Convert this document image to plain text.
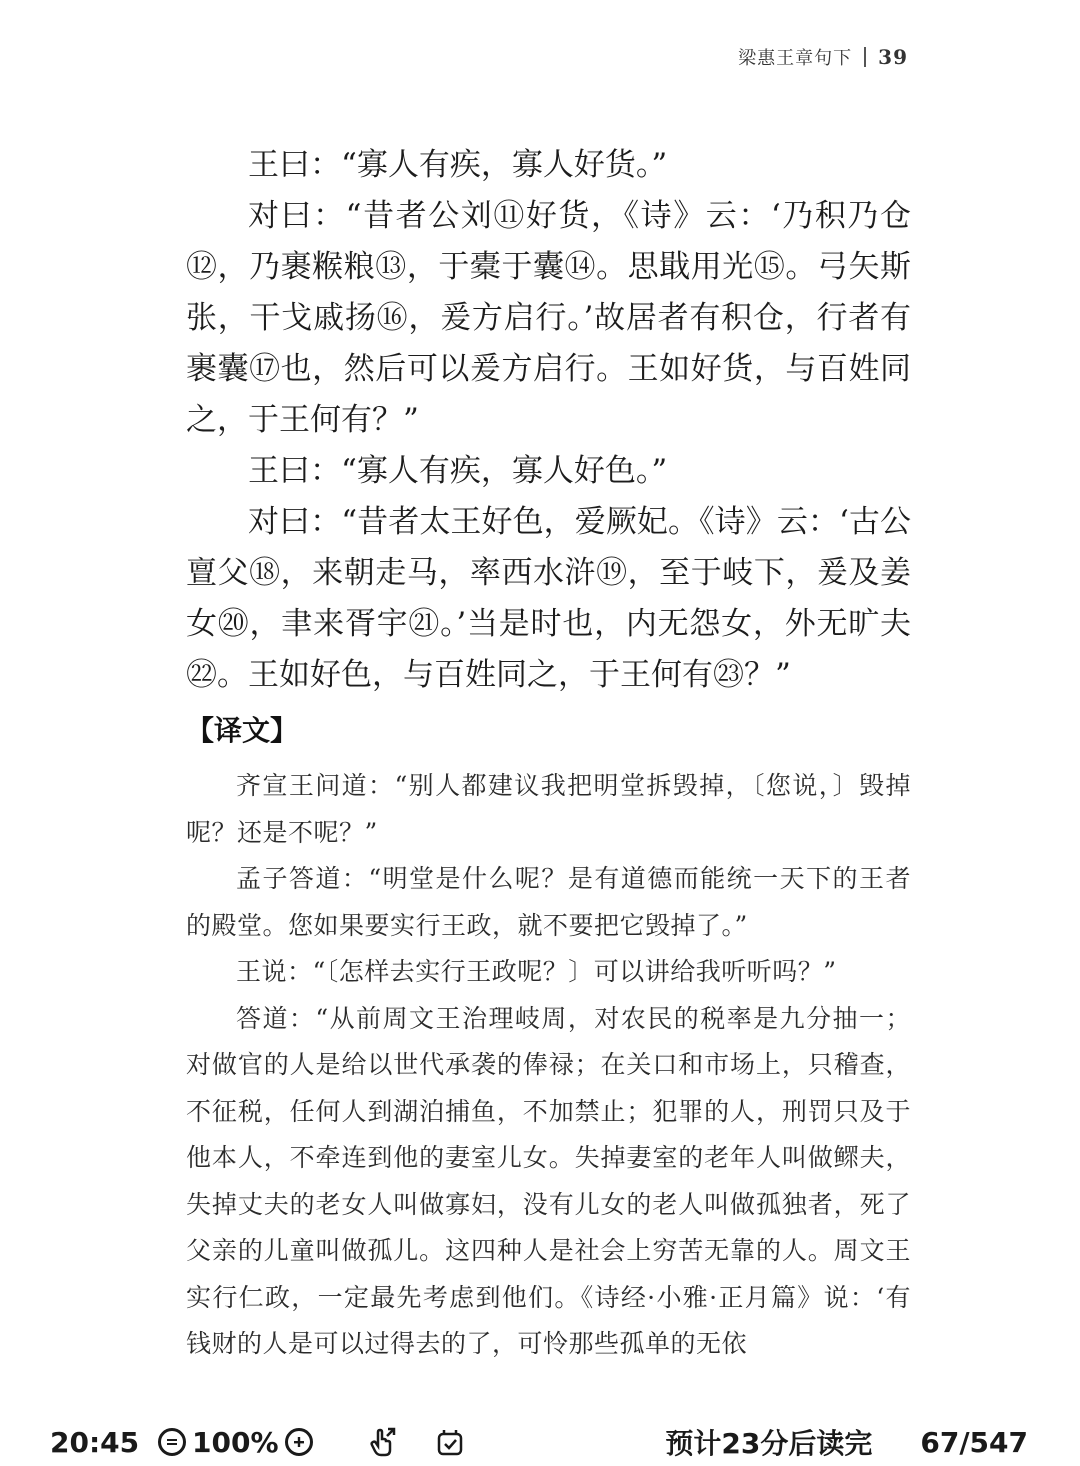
梁惠王章句下 39

王曰：“寡人有疾，寡人好货。”

对曰：“昔者公刘⑪好货，《诗》云：‘乃积乃仓⑫，乃裹糇粮⑬，于橐于囊⑭。思戢用光⑮。弓矢斯张，干戈戚扬⑯，爰方启行。’故居者有积仓，行者有裹囊⑰也，然后可以爰方启行。王如好货，与百姓同之，于王何有？”

王曰：“寡人有疾，寡人好色。”

对曰：“昔者太王好色，爱厥妃。《诗》云：‘古公亶父⑱，来朝走马，率西水浒⑲，至于岐下，爰及姜女⑳，聿来胥宇㉑。’当是时也，内无怨女，外无旷夫㉒。王如好色，与百姓同之，于王何有㉓？”

【译文】

齐宣王问道：“别人都建议我把明堂拆毁掉，〔您说，〕毁掉呢？还是不呢？”

孟子答道：“明堂是什么呢？是有道德而能统一天下的王者的殿堂。您如果要实行王政，就不要把它毁掉了。”

王说：“〔怎样去实行王政呢？〕可以讲给我听听吗？”

答道：“从前周文王治理岐周，对农民的税率是九分抽一；对做官的人是给以世代承袭的俸禄；在关口和市场上，只稽查，不征税，任何人到湖泊捕鱼，不加禁止；犯罪的人，刑罚只及于他本人，不牵连到他的妻室儿女。失掉妻室的老年人叫做鳏夫，失掉丈夫的老女人叫做寡妇，没有儿女的老人叫做孤独者，死了父亲的儿童叫做孤儿。这四种人是社会上穷苦无靠的人。周文王实行仁政，一定最先考虑到他们。《诗经·小雅·正月篇》说：‘有钱财的人是可以过得去的了，可怜那些孤单的无依

20:45	100%	预计23分后读完 67/547
